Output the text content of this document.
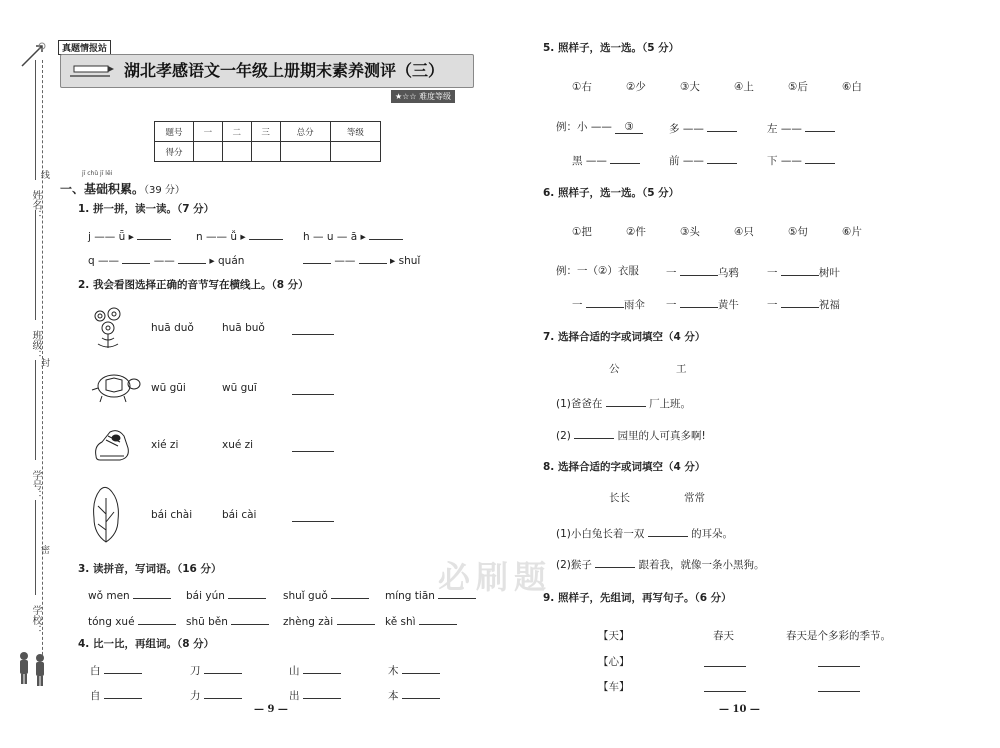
姓名：
班级：
学号：
学校：
线
封
密
真题情报站
湖北孝感语文一年级上册期末素养测评（三）
★☆☆ 难度等级
题号	一	二	三	总分	等级
得分					
jī chǔ jī lěi
一、基础积累。（39 分）
1. 拼一拼，读一读。（7 分）
j —— ǖ ▸	n —— ǚ ▸	h — u — ā ▸
q ——	——	▸ quán	——	▸ shuǐ
2. 我会看图选择正确的音节写在横线上。（8 分）
huā duǒ	huā buǒ
wū gūi	wū guī
xié zi	xué zi
bái chài	bái cài
3. 读拼音，写词语。（16 分）
wǒ men	bái yún	shuǐ guǒ	míng tiān
tóng xué	shū běn	zhèng zài	kě shì
4. 比一比，再组词。（8 分）
白	刀	山	木
自	力	出	本
— 9 —
5. 照样子，选一选。（5 分）
①右	②少	③大	④上	⑤后	⑥白
例：小 —— ③	多 ——	左 ——
黑 ——	前 ——	下 ——
6. 照样子，选一选。（5 分）
①把	②件	③头	④只	⑤句	⑥片
例：一（②）衣服	一	乌鸦	一	树叶
一	雨伞 一	黄牛	一	祝福
7. 选择合适的字或词填空（4 分）
公	工
(1)爸爸在	厂上班。
(2)	园里的人可真多啊!
8. 选择合适的字或词填空（4 分）
长长	常常
(1)小白兔长着一双	的耳朵。
(2)猴子	跟着我，就像一条小黑狗。
必刷题
9. 照样子，先组词，再写句子。（6 分）
【天】	春天	春天是个多彩的季节。
【心】
【车】
— 10 —
